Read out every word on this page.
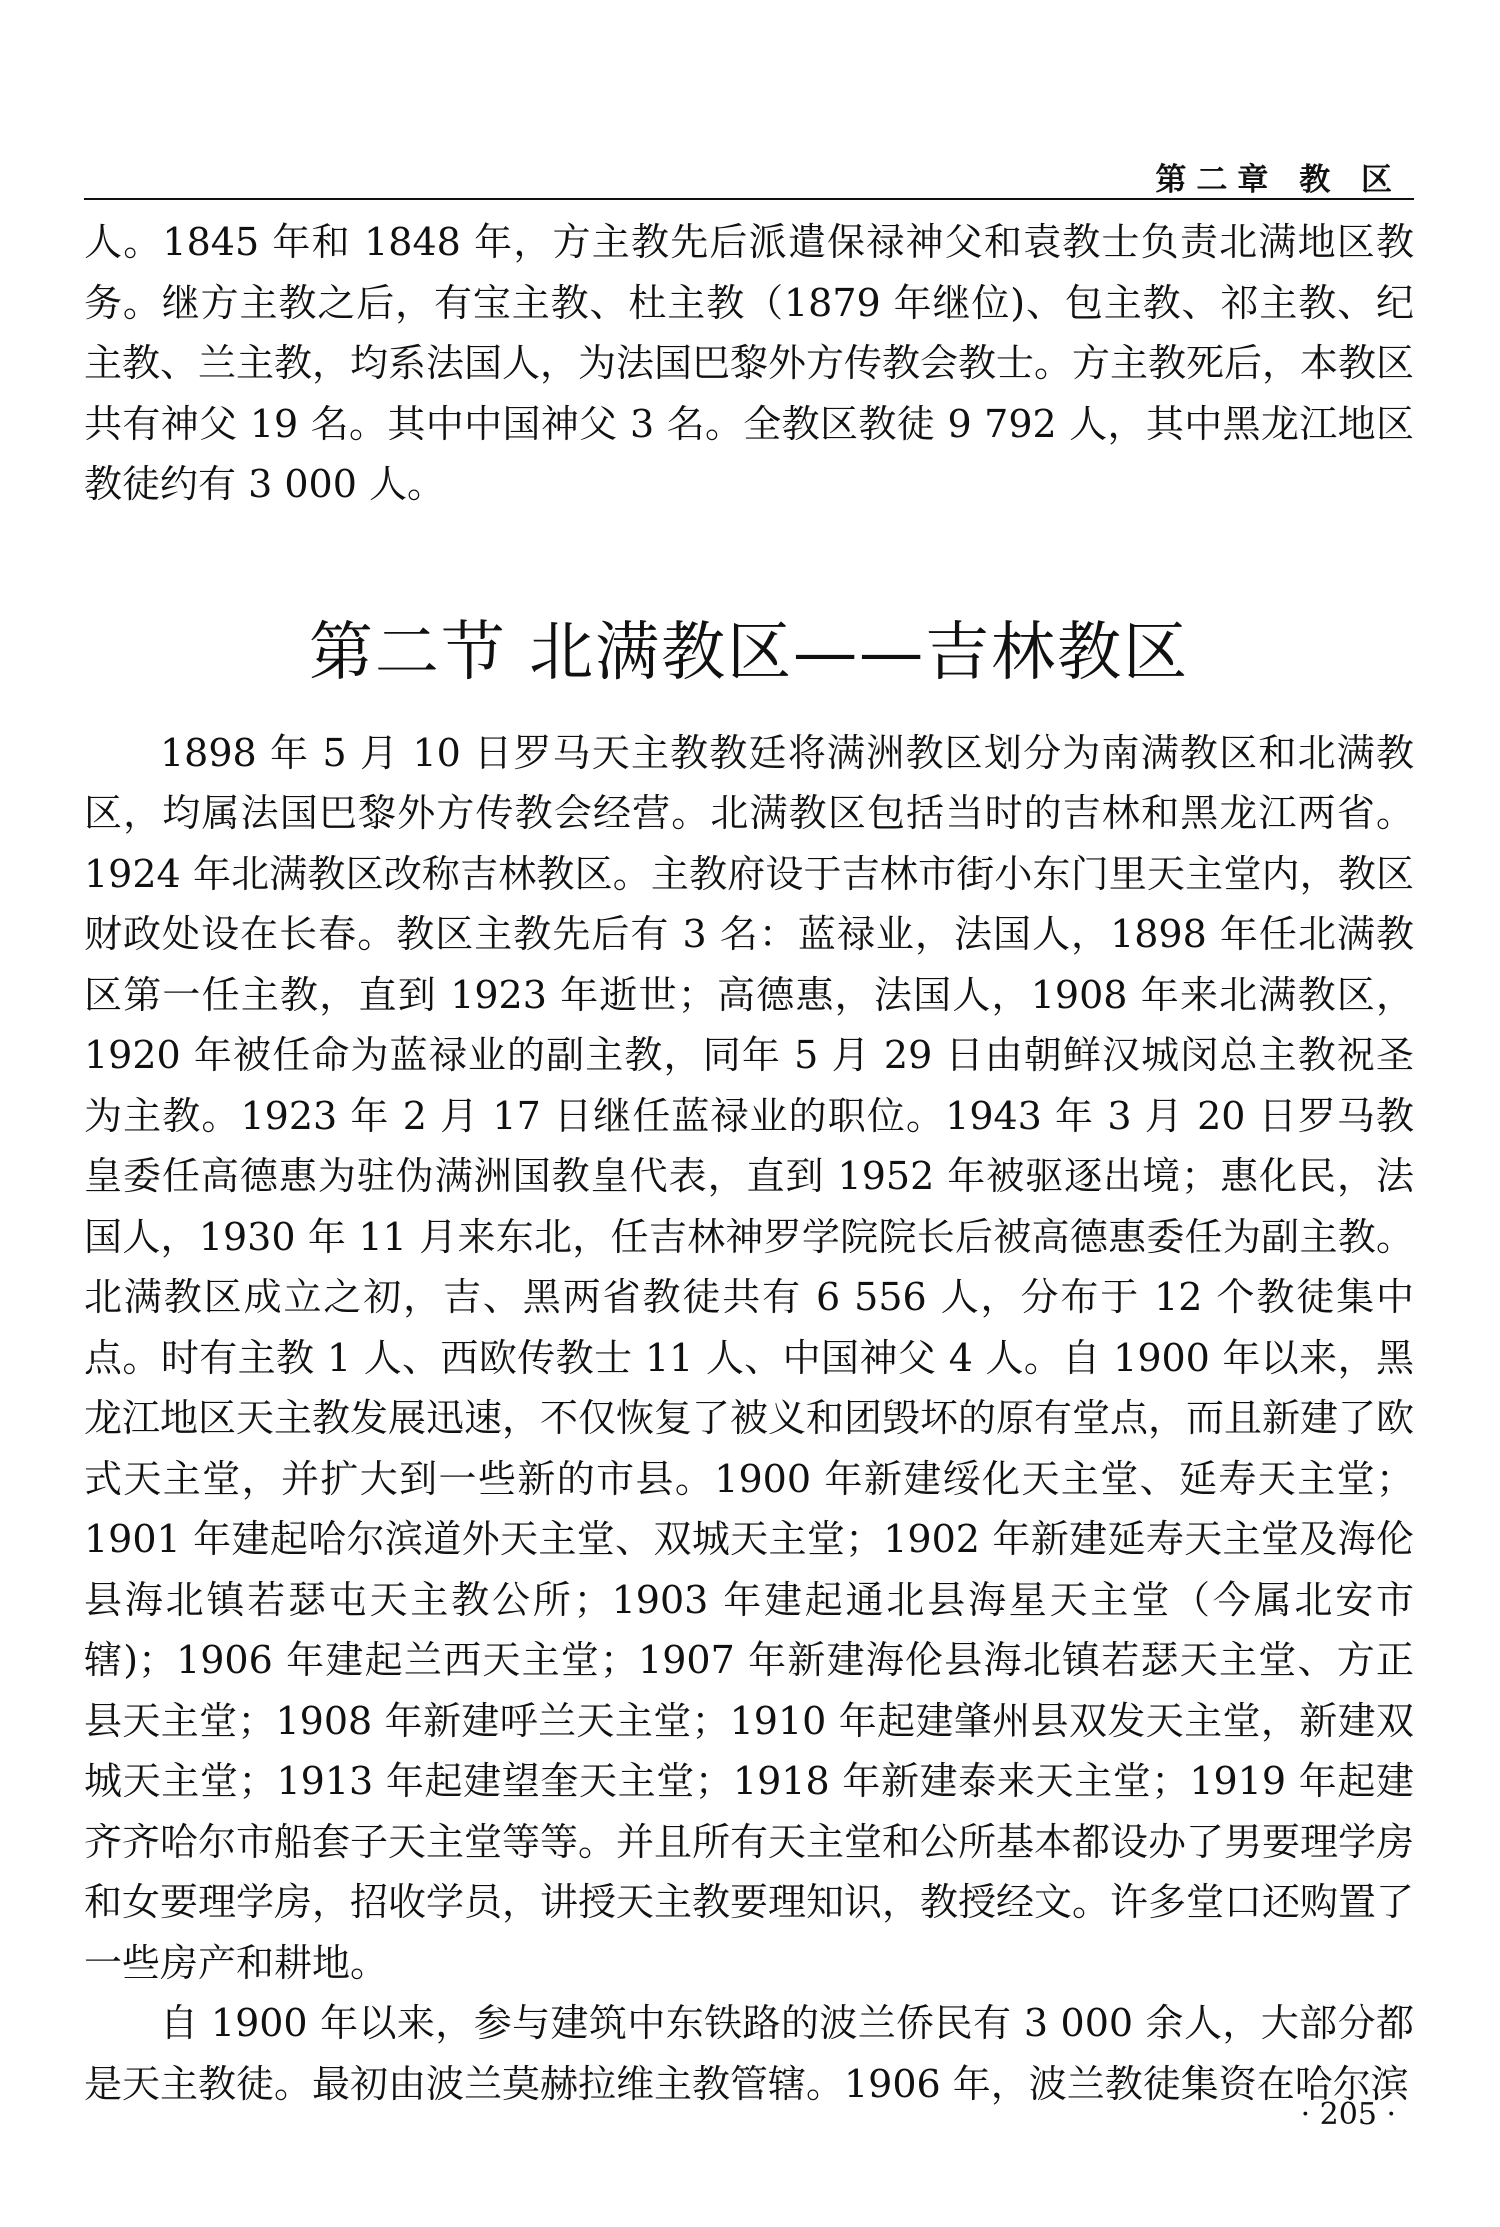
第二章 教 区

人。1845 年和 1848 年，方主教先后派遣保禄神父和袁教士负责北满地区教务。继方主教之后，有宝主教、杜主教（1879 年继位)、包主教、祁主教、纪主教、兰主教，均系法国人，为法国巴黎外方传教会教士。方主教死后，本教区共有神父 19 名。其中中国神父 3 名。全教区教徒 9 792 人，其中黑龙江地区教徒约有 3 000 人。

第二节 北满教区——吉林教区

1898 年 5 月 10 日罗马天主教教廷将满洲教区划分为南满教区和北满教区，均属法国巴黎外方传教会经营。北满教区包括当时的吉林和黑龙江两省。1924 年北满教区改称吉林教区。主教府设于吉林市街小东门里天主堂内，教区财政处设在长春。教区主教先后有 3 名：蓝禄业，法国人，1898 年任北满教区第一任主教，直到 1923 年逝世；高德惠，法国人，1908 年来北满教区，1920 年被任命为蓝禄业的副主教，同年 5 月 29 日由朝鲜汉城闵总主教祝圣为主教。1923 年 2 月 17 日继任蓝禄业的职位。1943 年 3 月 20 日罗马教皇委任高德惠为驻伪满洲国教皇代表，直到 1952 年被驱逐出境；惠化民，法国人，1930 年 11 月来东北，任吉林神罗学院院长后被高德惠委任为副主教。北满教区成立之初，吉、黑两省教徒共有 6 556 人，分布于 12 个教徒集中点。时有主教 1 人、西欧传教士 11 人、中国神父 4 人。自 1900 年以来，黑龙江地区天主教发展迅速，不仅恢复了被义和团毁坏的原有堂点，而且新建了欧式天主堂，并扩大到一些新的市县。1900 年新建绥化天主堂、延寿天主堂；1901 年建起哈尔滨道外天主堂、双城天主堂；1902 年新建延寿天主堂及海伦县海北镇若瑟屯天主教公所；1903 年建起通北县海星天主堂（今属北安市辖)；1906 年建起兰西天主堂；1907 年新建海伦县海北镇若瑟天主堂、方正县天主堂；1908 年新建呼兰天主堂；1910 年起建肇州县双发天主堂，新建双城天主堂；1913 年起建望奎天主堂；1918 年新建泰来天主堂；1919 年起建齐齐哈尔市船套子天主堂等等。并且所有天主堂和公所基本都设办了男要理学房和女要理学房，招收学员，讲授天主教要理知识，教授经文。许多堂口还购置了一些房产和耕地。

自 1900 年以来，参与建筑中东铁路的波兰侨民有 3 000 余人，大部分都是天主教徒。最初由波兰莫赫拉维主教管辖。1906 年，波兰教徒集资在哈尔滨

· 205 ·
